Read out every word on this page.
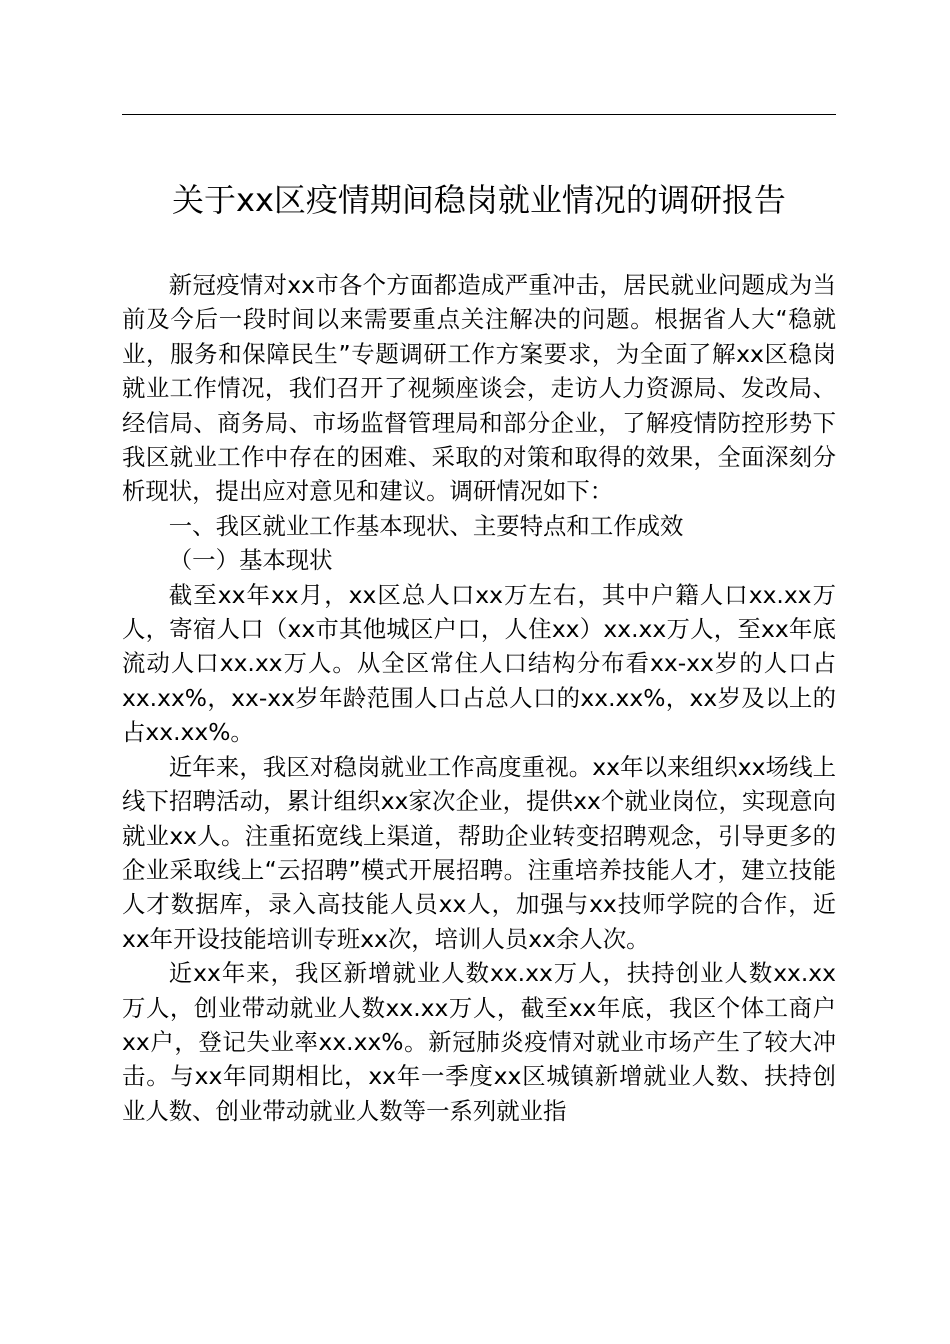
关于xx区疫情期间稳岗就业情况的调研报告

新冠疫情对xx市各个方面都造成严重冲击，居民就业问题成为当前及今后一段时间以来需要重点关注解决的问题。根据省人大“稳就业，服务和保障民生”专题调研工作方案要求，为全面了解xx区稳岗就业工作情况，我们召开了视频座谈会，走访人力资源局、发改局、经信局、商务局、市场监督管理局和部分企业，了解疫情防控形势下我区就业工作中存在的困难、采取的对策和取得的效果，全面深刻分析现状，提出应对意见和建议。调研情况如下：

一、我区就业工作基本现状、主要特点和工作成效

（一）基本现状

截至xx年xx月，xx区总人口xx万左右，其中户籍人口xx.xx万人，寄宿人口（xx市其他城区户口，人住xx）xx.xx万人，至xx年底流动人口xx.xx万人。从全区常住人口结构分布看xx-xx岁的人口占xx.xx%，xx-xx岁年龄范围人口占总人口的xx.xx%，xx岁及以上的占xx.xx%。

近年来，我区对稳岗就业工作高度重视。xx年以来组织xx场线上线下招聘活动，累计组织xx家次企业，提供xx个就业岗位，实现意向就业xx人。注重拓宽线上渠道，帮助企业转变招聘观念，引导更多的企业采取线上“云招聘”模式开展招聘。注重培养技能人才，建立技能人才数据库，录入高技能人员xx人，加强与xx技师学院的合作，近xx年开设技能培训专班xx次，培训人员xx余人次。

近xx年来，我区新增就业人数xx.xx万人，扶持创业人数xx.xx万人，创业带动就业人数xx.xx万人，截至xx年底，我区个体工商户xx户，登记失业率xx.xx%。新冠肺炎疫情对就业市场产生了较大冲击。与xx年同期相比，xx年一季度xx区城镇新增就业人数、扶持创业人数、创业带动就业人数等一系列就业指
